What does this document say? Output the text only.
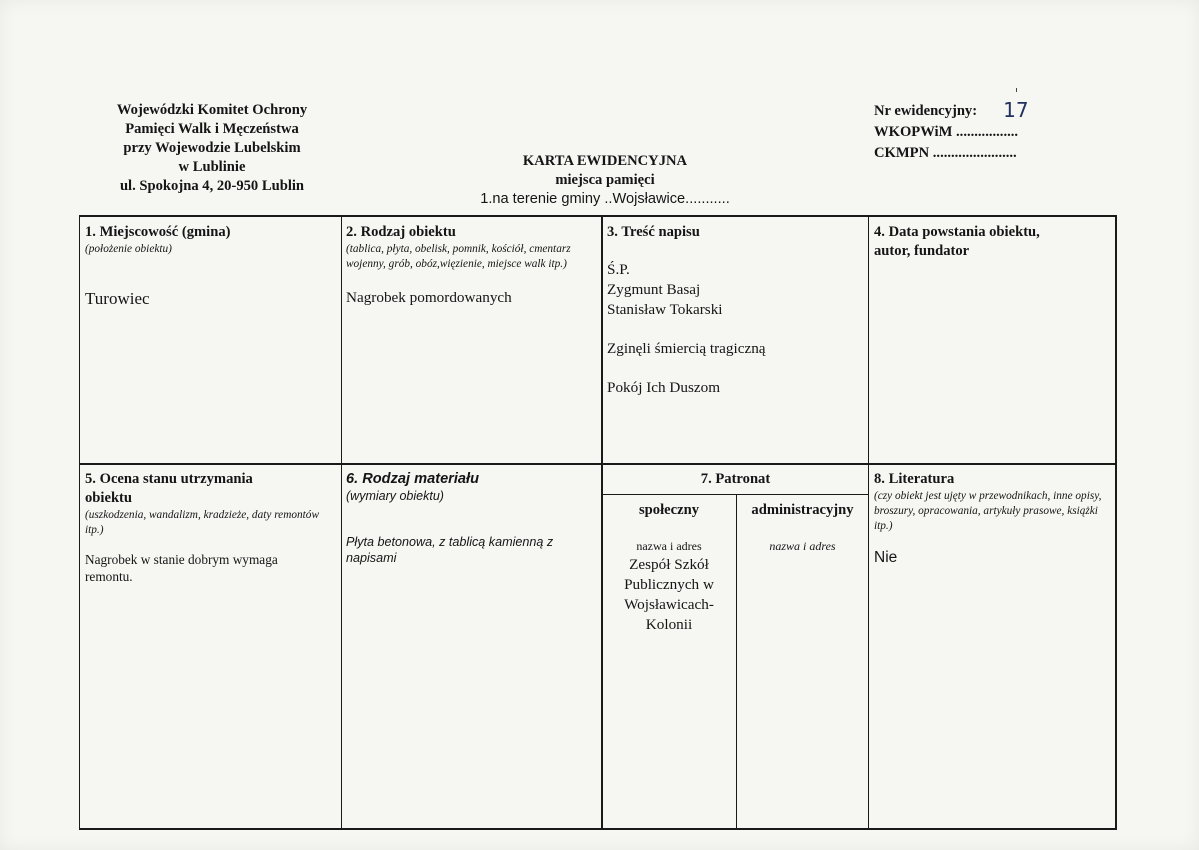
Wojewódzki Komitet Ochrony
Pamięci Walk i Męczeństwa
przy Wojewodzie Lubelskim
w Lublinie
ul. Spokojna 4, 20-950 Lublin
Nr ewidencyjny: 17
WKOPWiM .................
CKMPN .......................
KARTA EWIDENCYJNA
miejsca pamięci
1.na terenie gminy ..Wojsławice...........
1. Miejscowość (gmina)
(położenie obiektu)
Turowiec
2. Rodzaj obiektu
(tablica, płyta, obelisk, pomnik, kościół, cmentarz wojenny, grób, obóz,więzienie, miejsce walk itp.)
Nagrobek pomordowanych
3. Treść napisu
Ś.P.
Zygmunt Basaj
Stanisław Tokarski
Zginęli śmiercią tragiczną
Pokój Ich Duszom
4. Data powstania obiektu,
autor, fundator
5. Ocena stanu utrzymania
obiektu
(uszkodzenia, wandalizm, kradzieże, daty remontów itp.)
Nagrobek w stanie dobrym wymaga remontu.
6. Rodzaj materiału
(wymiary obiektu)
Płyta betonowa, z tablicą kamienną z napisami
7. Patronat
społeczny
nazwa i adres
Zespół Szkół
Publicznych w
Wojsławicach-
Kolonii
administracyjny
nazwa i adres
8. Literatura
(czy obiekt jest ujęty w przewodnikach, inne opisy, broszury, opracowania, artykuły prasowe, książki itp.)
Nie
